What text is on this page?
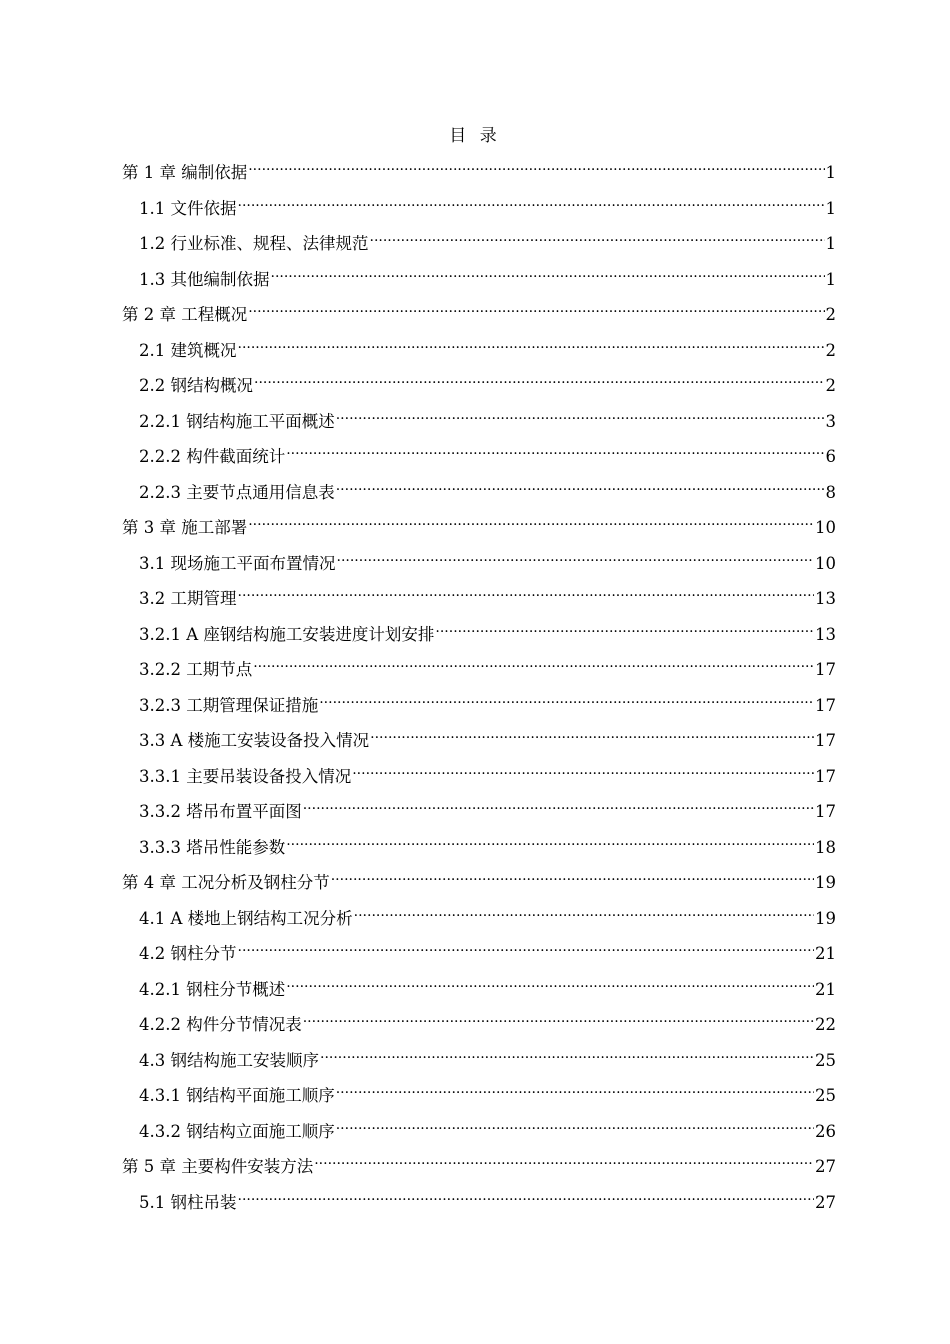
目 录
第 1 章 编制依据 .....	1
1.1 文件依据 .....	1
1.2 行业标准、规程、法律规范 .....	1
1.3 其他编制依据 .....	1
第 2 章 工程概况 .....	2
2.1 建筑概况 .....	2
2.2 钢结构概况 .....	2
2.2.1 钢结构施工平面概述 .....	3
2.2.2 构件截面统计 .....	6
2.2.3 主要节点通用信息表 .....	8
第 3 章 施工部署 .....	10
3.1 现场施工平面布置情况 .....	10
3.2 工期管理 .....	13
3.2.1 A 座钢结构施工安装进度计划安排 .....	13
3.2.2 工期节点 .....	17
3.2.3 工期管理保证措施 .....	17
3.3 A 楼施工安装设备投入情况 .....	17
3.3.1 主要吊装设备投入情况 .....	17
3.3.2 塔吊布置平面图 .....	17
3.3.3 塔吊性能参数 .....	18
第 4 章 工况分析及钢柱分节 .....	19
4.1 A 楼地上钢结构工况分析 .....	19
4.2 钢柱分节 .....	21
4.2.1 钢柱分节概述 .....	21
4.2.2 构件分节情况表 .....	22
4.3 钢结构施工安装顺序 .....	25
4.3.1 钢结构平面施工顺序 .....	25
4.3.2 钢结构立面施工顺序 .....	26
第 5 章 主要构件安装方法 .....	27
5.1 钢柱吊装 .....	27
